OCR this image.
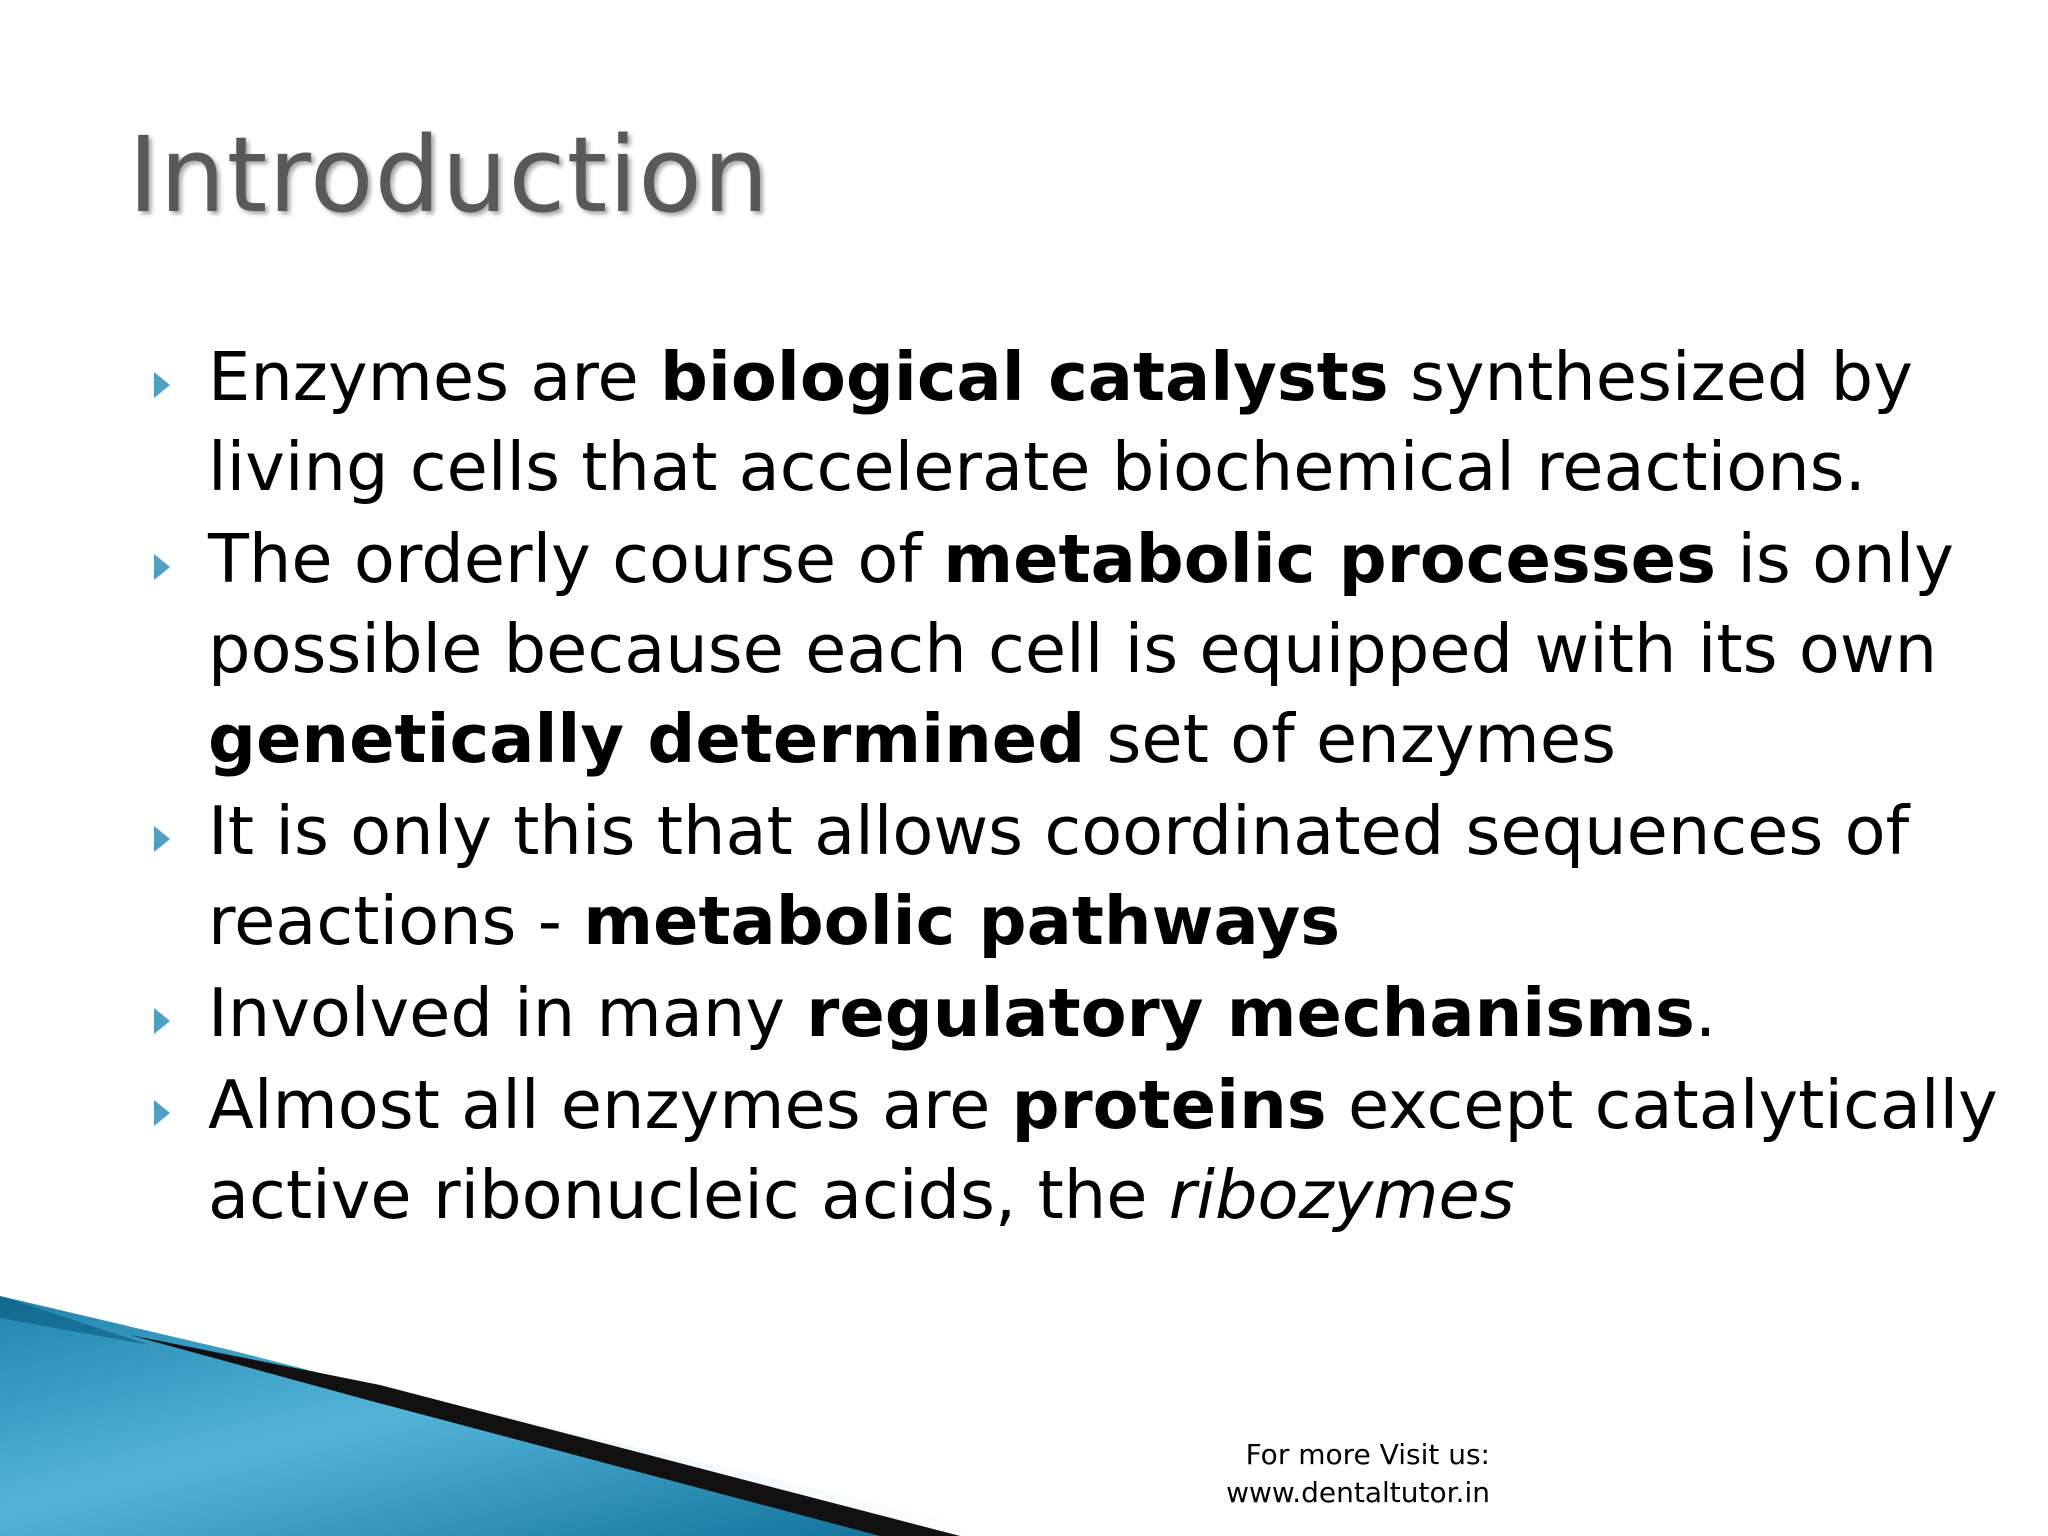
Introduction
Enzymes are biological catalysts synthesized by living cells that accelerate biochemical reactions.
The orderly course of metabolic processes is only possible because each cell is equipped with its own genetically determined set of enzymes
It is only this that allows coordinated sequences of reactions - metabolic pathways
Involved in many regulatory mechanisms.
Almost all enzymes are proteins except catalytically active ribonucleic acids, the ribozymes
For more Visit us:
www.dentaltutor.in
